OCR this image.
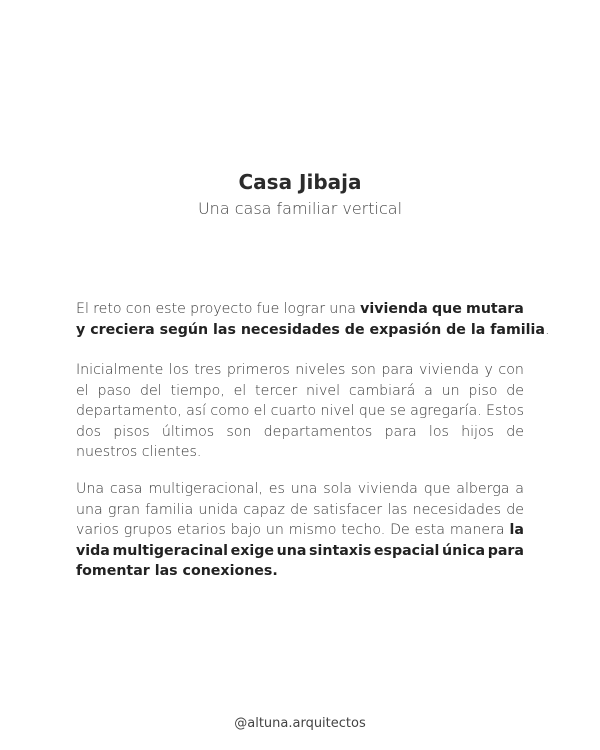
Casa Jibaja
Una casa familiar vertical
El reto con este proyecto fue lograr una vivienda que mutara
y creciera según las necesidades de expasión de la familia.
Inicialmente los tres primeros niveles son para vivienda y con
el paso del tiempo, el tercer nivel cambiará a un piso de
departamento, así como el cuarto nivel que se agregaría. Estos
dos pisos últimos son departamentos para los hijos de
nuestros clientes.
Una casa multigeracional, es una sola vivienda que alberga a
una gran familia unida capaz de satisfacer las necesidades de
varios grupos etarios bajo un mismo techo. De esta manera la
vida multigeracinal exige una sintaxis espacial única para
fomentar las conexiones.
@altuna.arquitectos
